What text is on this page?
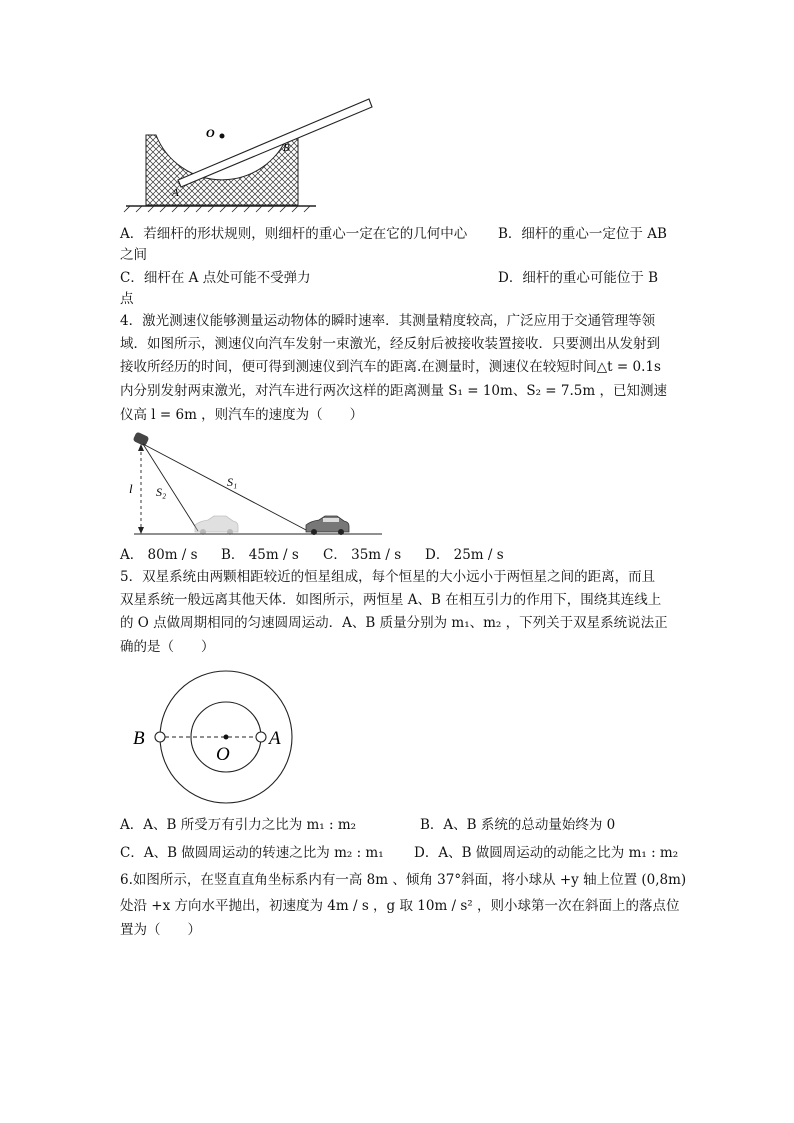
O
A
B
A．若细杆的形状规则，则细杆的重心一定在它的几何中心 B．细杆的重心一定位于 AB
之间
C．细杆在 A 点处可能不受弹力	D．细杆的重心可能位于 B
点
4．激光测速仪能够测量运动物体的瞬时速率．其测量精度较高，广泛应用于交通管理等领
域．如图所示，测速仪向汽车发射一束激光，经反射后被接收装置接收．只要测出从发射到
接收所经历的时间，便可得到测速仪到汽车的距离.在测量时，测速仪在较短时间△t = 0.1s
内分别发射两束激光，对汽车进行两次这样的距离测量 S₁ = 10m、S₂ = 7.5m ，已知测速
仪高 l = 6m ，则汽车的速度为（　　）
l S₂
S₁
A． 80m / s B． 45m / s C． 35m / s D． 25m / s
5．双星系统由两颗相距较近的恒星组成，每个恒星的大小远小于两恒星之间的距离，而且
双星系统一般远离其他天体．如图所示，两恒星 A、B 在相互引力的作用下，围绕其连线上
的 O 点做周期相同的匀速圆周运动．A、B 质量分别为 m₁、m₂ ，下列关于双星系统说法正
确的是（　　）
B
O
A
A．A、B 所受万有引力之比为 m₁ : m₂	B．A、B 系统的总动量始终为 0
C．A、B 做圆周运动的转速之比为 m₂ : m₁ D．A、B 做圆周运动的动能之比为 m₁ : m₂
6.如图所示，在竖直直角坐标系内有一高 8m 、倾角 37°斜面，将小球从 +y 轴上位置 (0,8m)
处沿 +x 方向水平抛出，初速度为 4m / s ，g 取 10m / s² ，则小球第一次在斜面上的落点位
置为（　　）
